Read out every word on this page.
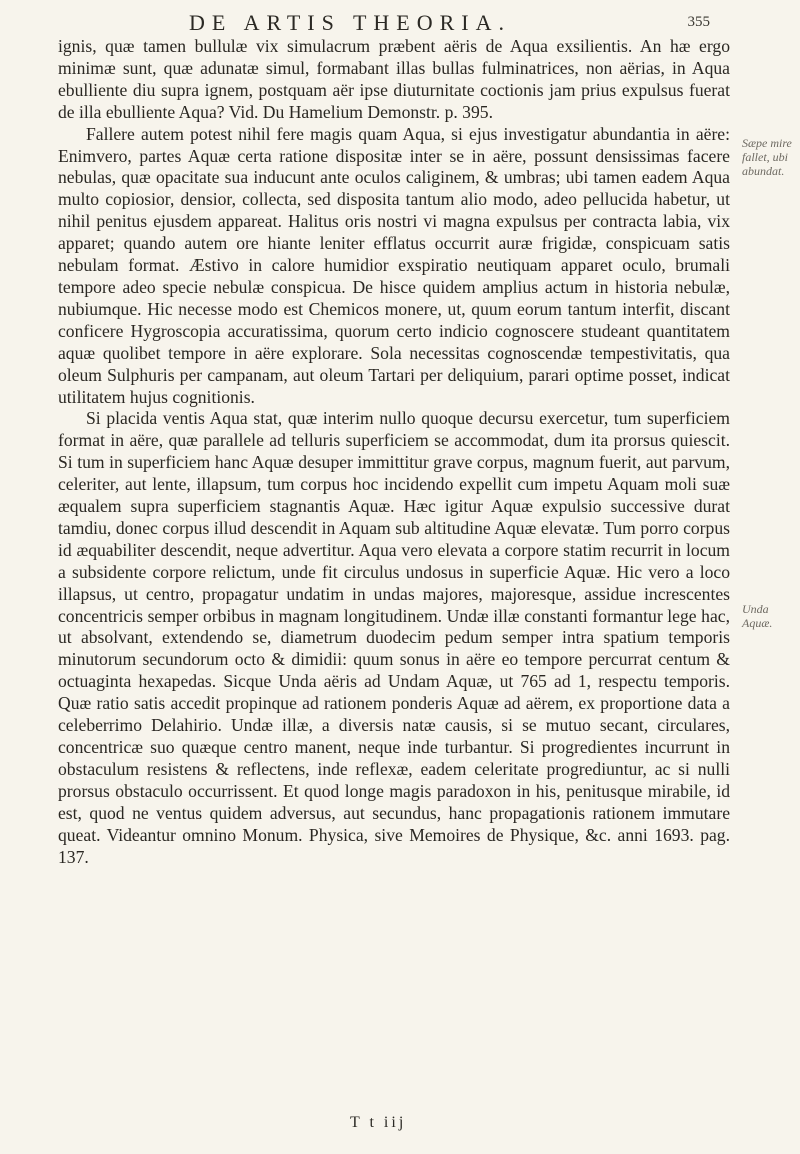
DE ARTIS THEORIA.	355

ignis, quæ tamen bullulæ vix simulacrum præbent aëris de Aqua exsilientis. An hæ ergo minimæ sunt, quæ adunatæ simul, formabant illas bullas fulminatrices, non aërias, in Aqua ebulliente diu supra ignem, postquam aër ipse diuturnitate coctionis jam prius expulsus fuerat de illa ebulliente Aqua? Vid. Du Hamelium Demonstr. p. 395.

Fallere autem potest nihil fere magis quam Aqua, si ejus investigatur abundantia in aëre: Enimvero, partes Aquæ certa ratione dispositæ inter se in aëre, possunt densissimas facere nebulas, quæ opacitate sua inducunt ante oculos caliginem, & umbras; ubi tamen eadem Aqua multo copiosior, densior, collecta, sed disposita tantum alio modo, adeo pellucida habetur, ut nihil penitus ejusdem appareat. Halitus oris nostri vi magna expulsus per contracta labia, vix apparet; quando autem ore hiante leniter efflatus occurrit auræ frigidæ, conspicuam satis nebulam format. Æstivo in calore humidior exspiratio neutiquam apparet oculo, brumali tempore adeo specie nebulæ conspicua. De hisce quidem amplius actum in historia nebulæ, nubiumque. Hic necesse modo est Chemicos monere, ut, quum eorum tantum interfit, discant conficere Hygroscopia accuratissima, quorum certo indicio cognoscere studeant quantitatem aquæ quolibet tempore in aëre explorare. Sola necessitas cognoscendæ tempestivitatis, qua oleum Sulphuris per campanam, aut oleum Tartari per deliquium, parari optime posset, indicat utilitatem hujus cognitionis.

Si placida ventis Aqua stat, quæ interim nullo quoque decursu exercetur, tum superficiem format in aëre, quæ parallele ad telluris superficiem se accommodat, dum ita prorsus quiescit. Si tum in superficiem hanc Aquæ desuper immittitur grave corpus, magnum fuerit, aut parvum, celeriter, aut lente, illapsum, tum corpus hoc incidendo expellit cum impetu Aquam moli suæ æqualem supra superficiem stagnantis Aquæ. Hæc igitur Aquæ expulsio successive durat tamdiu, donec corpus illud descendit in Aquam sub altitudine Aquæ elevatæ. Tum porro corpus id æquabiliter descendit, neque advertitur. Aqua vero elevata a corpore statim recurrit in locum a subsidente corpore relictum, unde fit circulus undosus in superficie Aquæ. Hic vero a loco illapsus, ut centro, propagatur undatim in undas majores, majoresque, assidue increscentes concentricis semper orbibus in magnam longitudinem. Undæ illæ constanti formantur lege hac, ut absolvant, extendendo se, diametrum duodecim pedum semper intra spatium temporis minutorum secundorum octo & dimidii: quum sonus in aëre eo tempore percurrat centum & octuaginta hexapedas. Sicque Unda aëris ad Undam Aquæ, ut 765 ad 1, respectu temporis. Quæ ratio satis accedit propinque ad rationem ponderis Aquæ ad aërem, ex proportione data a celeberrimo Delahirio. Undæ illæ, a diversis natæ causis, si se mutuo secant, circulares, concentricæ suo quæque centro manent, neque inde turbantur. Si progredientes incurrunt in obstaculum resistens & reflectens, inde reflexæ, eadem celeritate progrediuntur, ac si nulli prorsus obstaculo occurrissent. Et quod longe magis paradoxon in his, penitusque mirabile, id est, quod ne ventus quidem adversus, aut secundus, hanc propagationis rationem immutare queat. Videantur omnino Monum. Physica, sive Memoires de Physique, &c. anni 1693. pag. 137.

Sæpe mire fallet, ubi abundat.
Unda Aquæ.
T t iij
